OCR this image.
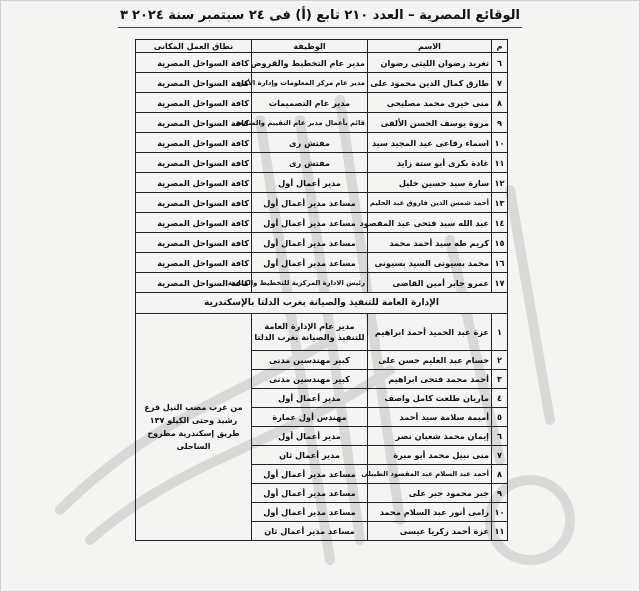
الوقائع المصرية – العدد ٢١٠ تابع (أ) فى ٢٤ سبتمبر سنة ٢٠٢٤
٣
م	الاسم	الوظيفة	نطاق العمل المكانى
٦	تغريد رضوان الليثى رضوان	مدير عام التخطيط والقروض	كافة السواحل المصرية
٧	طارق كمال الدين محمود على	مدير عام مركز المعلومات وإدارة الأمن	كافة السواحل المصرية
٨	منى خيرى محمد مصليحى	مدير عام التصميمات	كافة السواحل المصرية
٩	مروة يوسف الحسن الألفى	قائم بأعمال مدير عام التقييم والمتابعة	كافة السواحل المصرية
١٠	اسماء رفاعى عبد المجيد سيد	مفتش رى	كافة السواحل المصرية
١١	غادة بكرى أبو ستة زايد	مفتش رى	كافة السواحل المصرية
١٢	سارة سيد حسين خليل	مدير أعمال أول	كافة السواحل المصرية
١٣	أحمد شمس الدين فاروق عبد الحليم	مساعد مدير أعمال أول	كافة السواحل المصرية
١٤	عبد الله سيد فتحى عبد المقصود	مساعد مدير أعمال أول	كافة السواحل المصرية
١٥	كريم طه سيد أحمد محمد	مساعد مدير أعمال أول	كافة السواحل المصرية
١٦	محمد بسيونى السيد بسيونى	مساعد مدير أعمال أول	كافة السواحل المصرية
١٧	عمرو جابر أمين القاضى	رئيس الادارة المركزية للتخطيط والمتابعة	كافة السواحل المصرية
الإدارة العامة للتنفيذ والصيانة بغرب الدلتا بالإسكندرية			
١	عزة عبد الحميد أحمد ابراهيم	مدير عام الإدارة العامة للتنفيذ والصيانة بغرب الدلتا	من غرب مصب النيل فرع رشيد وحتى الكيلو ١٣٧ طريق إسكندرية مطروح الساحلى
٢	حسام عبد العليم حسن على	كبير مهندسين مدنى	
٣	أحمد محمد فتحى ابراهيم	كبير مهندسين مدنى	
٤	ماريان طلعت كامل واصف	مدير أعمال أول	
٥	أميمة سلامة سيد أحمد	مهندس أول عمارة	
٦	إيمان محمد شعبان نصر	مدير أعمال أول	
٧	منى نبيل محمد أبو ميرة	مدير أعمال ثان	
٨	أحمد عبد السلام عبد المقصود الطبيلى	مساعد مدير أعمال أول	
٩	جبر محمود جبر على	مساعد مدير أعمال أول	
١٠	رامى أنور عبد السلام محمد	مساعد مدير أعمال أول	
١١	عزة أحمد زكريا عيسى	مساعد مدير أعمال ثان	
